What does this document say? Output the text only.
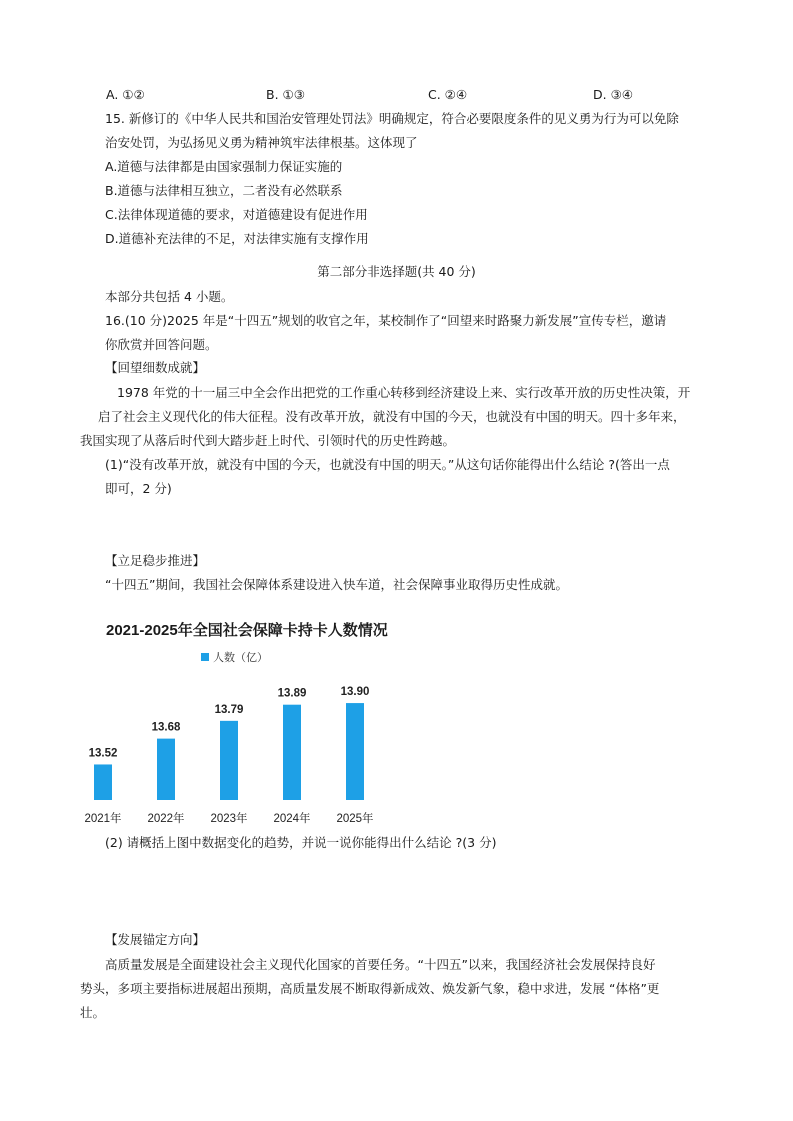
A. ①②	B. ①③	C. ②④	D. ③④
15. 新修订的《中华人民共和国治安管理处罚法》明确规定，符合必要限度条件的见义勇为行为可以免除
治安处罚，为弘扬见义勇为精神筑牢法律根基。这体现了
A.道德与法律都是由国家强制力保证实施的
B.道德与法律相互独立，二者没有必然联系
C.法律体现道德的要求，对道德建设有促进作用
D.道德补充法律的不足，对法律实施有支撑作用
第二部分非选择题(共 40 分)
本部分共包括 4 小题。
16.(10 分)2025 年是“十四五”规划的收官之年，某校制作了“回望来时路聚力新发展”宣传专栏，邀请
你欣赏并回答问题。
【回望细数成就】
1978 年党的十一届三中全会作出把党的工作重心转移到经济建设上来、实行改革开放的历史性决策，开
启了社会主义现代化的伟大征程。没有改革开放，就没有中国的今天，也就没有中国的明天。四十多年来，
我国实现了从落后时代到大踏步赶上时代、引领时代的历史性跨越。
(1)“没有改革开放，就没有中国的今天，也就没有中国的明天。”从这句话你能得出什么结论 ?(答出一点
即可，2 分)
【立足稳步推进】
“十四五”期间，我国社会保障体系建设进入快车道，社会保障事业取得历史性成就。
2021-2025年全国社会保障卡持卡人数情况
人数（亿）
13.52
2021年
13.68
2022年
13.79
2023年
13.89
2024年
13.90
2025年
(2) 请概括上图中数据变化的趋势，并说一说你能得出什么结论 ?(3 分)
【发展锚定方向】
高质量发展是全面建设社会主义现代化国家的首要任务。“十四五”以来，我国经济社会发展保持良好
势头，多项主要指标进展超出预期，高质量发展不断取得新成效、焕发新气象，稳中求进，发展 “体格”更
壮。
